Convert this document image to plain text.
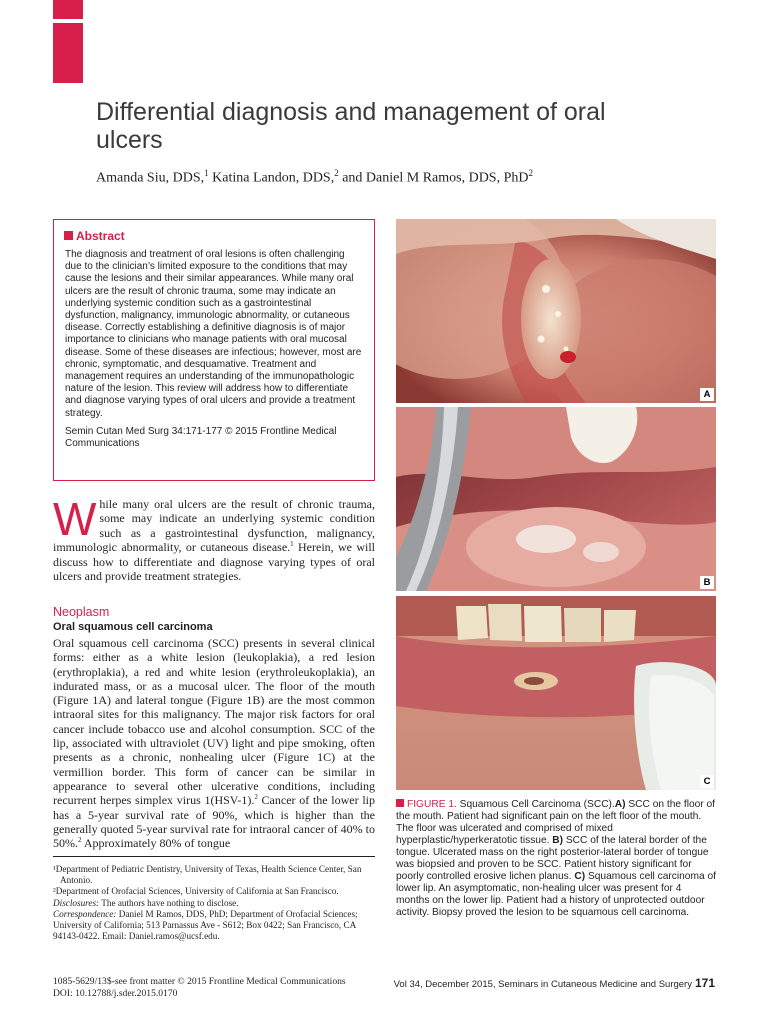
Differential diagnosis and management of oral ulcers
Amanda Siu, DDS,$^1$ Katina Landon, DDS,$^2$ and Daniel M Ramos, DDS, PhD$^2$
Abstract

The diagnosis and treatment of oral lesions is often challenging due to the clinician’s limited exposure to the conditions that may cause the lesions and their similar appearances. While many oral ulcers are the result of chronic trauma, some may indicate an underlying systemic condition such as a gastrointestinal dysfunction, malignancy, immunologic abnormality, or cutaneous disease. Correctly establishing a definitive diagnosis is of major importance to clinicians who manage patients with oral mucosal disease. Some of these diseases are infectious; however, most are chronic, symptomatic, and desquamative. Treatment and management requires an understanding of the immunopathologic nature of the lesion. This review will address how to differentiate and diagnose varying types of oral ulcers and provide a treatment strategy.

Semin Cutan Med Surg 34:171-177 © 2015 Frontline Medical Communications

While many oral ulcers are the result of chronic trauma, some may indicate an underlying systemic condition such as a gastrointestinal dysfunction, malignancy, immunologic abnormality, or cutaneous disease.$^1$ Herein, we will discuss how to differentiate and diagnose varying types of oral ulcers and provide treatment strategies.
Neoplasm
Oral squamous cell carcinoma
Oral squamous cell carcinoma (SCC) presents in several clinical forms: either as a white lesion (leukoplakia), a red lesion (erythroplakia), a red and white lesion (erythroleukoplakia), an indurated mass, or as a mucosal ulcer. The floor of the mouth (Figure 1A) and lateral tongue (Figure 1B) are the most common intraoral sites for this malignancy. The major risk factors for oral cancer include tobacco use and alcohol consumption. SCC of the lip, associated with ultraviolet (UV) light and pipe smoking, often presents as a chronic, nonhealing ulcer (Figure 1C) at the vermillion border. This form of cancer can be similar in appearance to several other ulcerative conditions, including recurrent herpes simplex virus 1(HSV-1).$^2$ Cancer of the lower lip has a 5-year survival rate of 90%, which is higher than the generally quoted 5-year survival rate for intraoral cancer of 40% to 50%.$^2$ Approximately 80% of tongue

¹Department of Pediatric Dentistry, University of Texas, Health Science Center, San Antonio.

²Department of Orofacial Sciences, University of California at San Francisco.

Disclosures: The authors have nothing to disclose.

Correspondence: Daniel M Ramos, DDS, PhD; Department of Orofacial Sciences; University of California; 513 Parnassus Ave - S612; Box 0422; San Francisco, CA 94143-0422. Email: Daniel.ramos@ucsf.edu.

1085-5629/13$-see front matter © 2015 Frontline Medical Communications
DOI: 10.12788/j.sder.2015.0170
Vol 34, December 2015, Seminars in Cutaneous Medicine and Surgery 171
A
B
C
FIGURE 1. Squamous Cell Carcinoma (SCC).A) SCC on the floor of the mouth. Patient had significant pain on the left floor of the mouth. The floor was ulcerated and comprised of mixed hyperplastic/hyperkeratotic tissue. B) SCC of the lateral border of the tongue. Ulcerated mass on the right posterior-lateral border of tongue was biopsied and proven to be SCC. Patient history significant for poorly controlled erosive lichen planus. C) Squamous cell carcinoma of lower lip. An asymptomatic, non-healing ulcer was present for 4 months on the lower lip. Patient had a history of unprotected outdoor activity. Biopsy proved the lesion to be squamous cell carcinoma.
